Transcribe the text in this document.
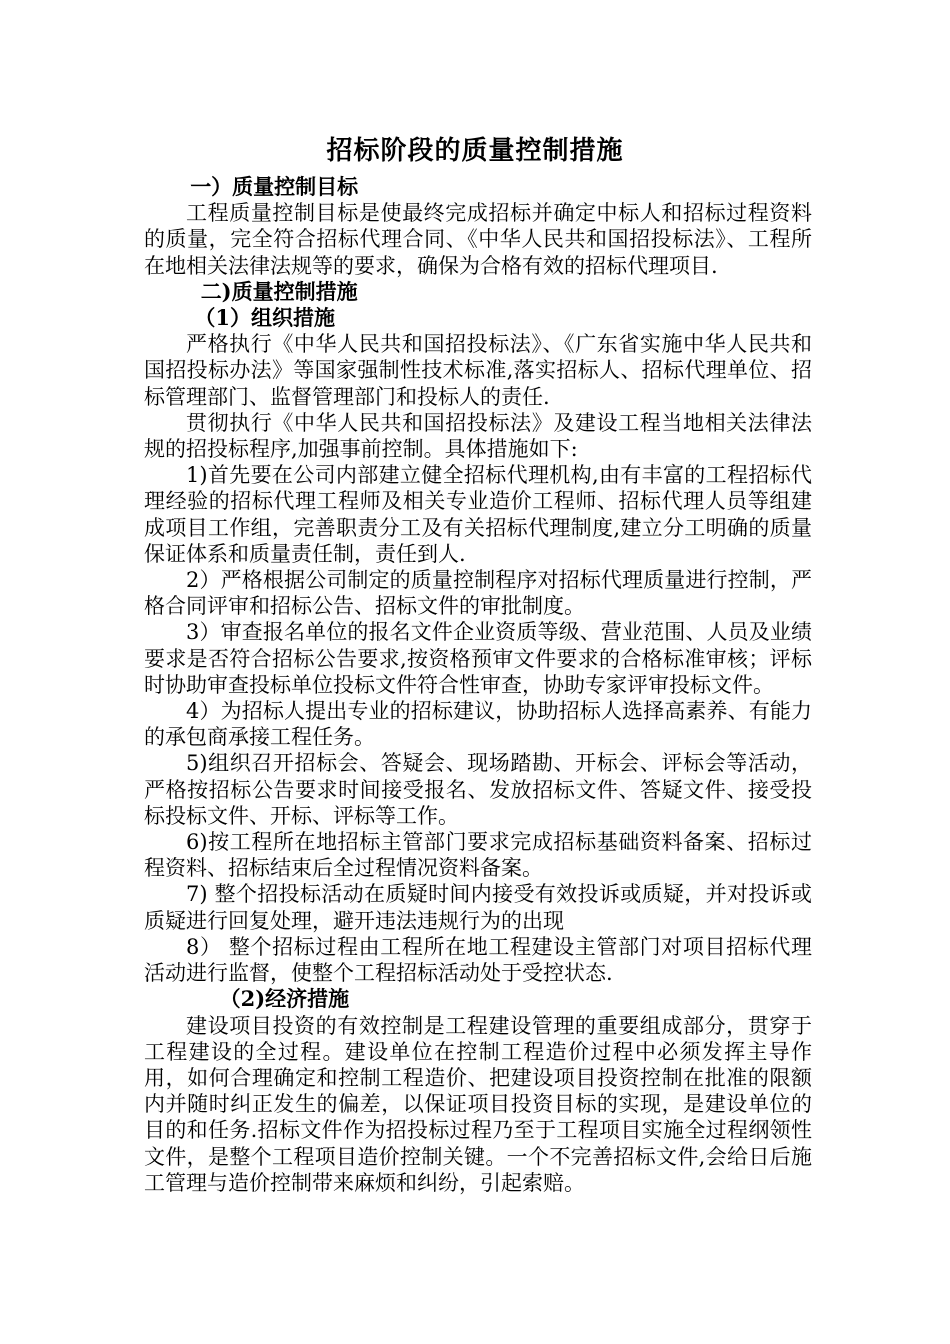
招标阶段的质量控制措施

一）质量控制目标

工程质量控制目标是使最终完成招标并确定中标人和招标过程资料的质量，完全符合招标代理合同、《中华人民共和国招投标法》、工程所在地相关法律法规等的要求，确保为合格有效的招标代理项目.

二)质量控制措施

（1）组织措施

严格执行《中华人民共和国招投标法》、《广东省实施中华人民共和国招投标办法》等国家强制性技术标准,落实招标人、招标代理单位、招标管理部门、监督管理部门和投标人的责任.

贯彻执行《中华人民共和国招投标法》及建设工程当地相关法律法规的招投标程序,加强事前控制。具体措施如下:

1)首先要在公司内部建立健全招标代理机构,由有丰富的工程招标代理经验的招标代理工程师及相关专业造价工程师、招标代理人员等组建成项目工作组，完善职责分工及有关招标代理制度,建立分工明确的质量保证体系和质量责任制，责任到人.

2）严格根据公司制定的质量控制程序对招标代理质量进行控制，严格合同评审和招标公告、招标文件的审批制度。

3）审查报名单位的报名文件企业资质等级、营业范围、人员及业绩要求是否符合招标公告要求,按资格预审文件要求的合格标准审核；评标时协助审查投标单位投标文件符合性审查，协助专家评审投标文件。

4）为招标人提出专业的招标建议，协助招标人选择高素养、有能力的承包商承接工程任务。

5)组织召开招标会、答疑会、现场踏勘、开标会、评标会等活动，严格按招标公告要求时间接受报名、发放招标文件、答疑文件、接受投标投标文件、开标、评标等工作。

6)按工程所在地招标主管部门要求完成招标基础资料备案、招标过程资料、招标结束后全过程情况资料备案。

7) 整个招投标活动在质疑时间内接受有效投诉或质疑，并对投诉或质疑进行回复处理，避开违法违规行为的出现

8） 整个招标过程由工程所在地工程建设主管部门对项目招标代理活动进行监督，使整个工程招标活动处于受控状态.

（2)经济措施

建设项目投资的有效控制是工程建设管理的重要组成部分，贯穿于工程建设的全过程。建设单位在控制工程造价过程中必须发挥主导作用，如何合理确定和控制工程造价、把建设项目投资控制在批准的限额内并随时纠正发生的偏差，以保证项目投资目标的实现，是建设单位的目的和任务.招标文件作为招投标过程乃至于工程项目实施全过程纲领性文件，是整个工程项目造价控制关键。一个不完善招标文件,会给日后施工管理与造价控制带来麻烦和纠纷，引起索赔。
